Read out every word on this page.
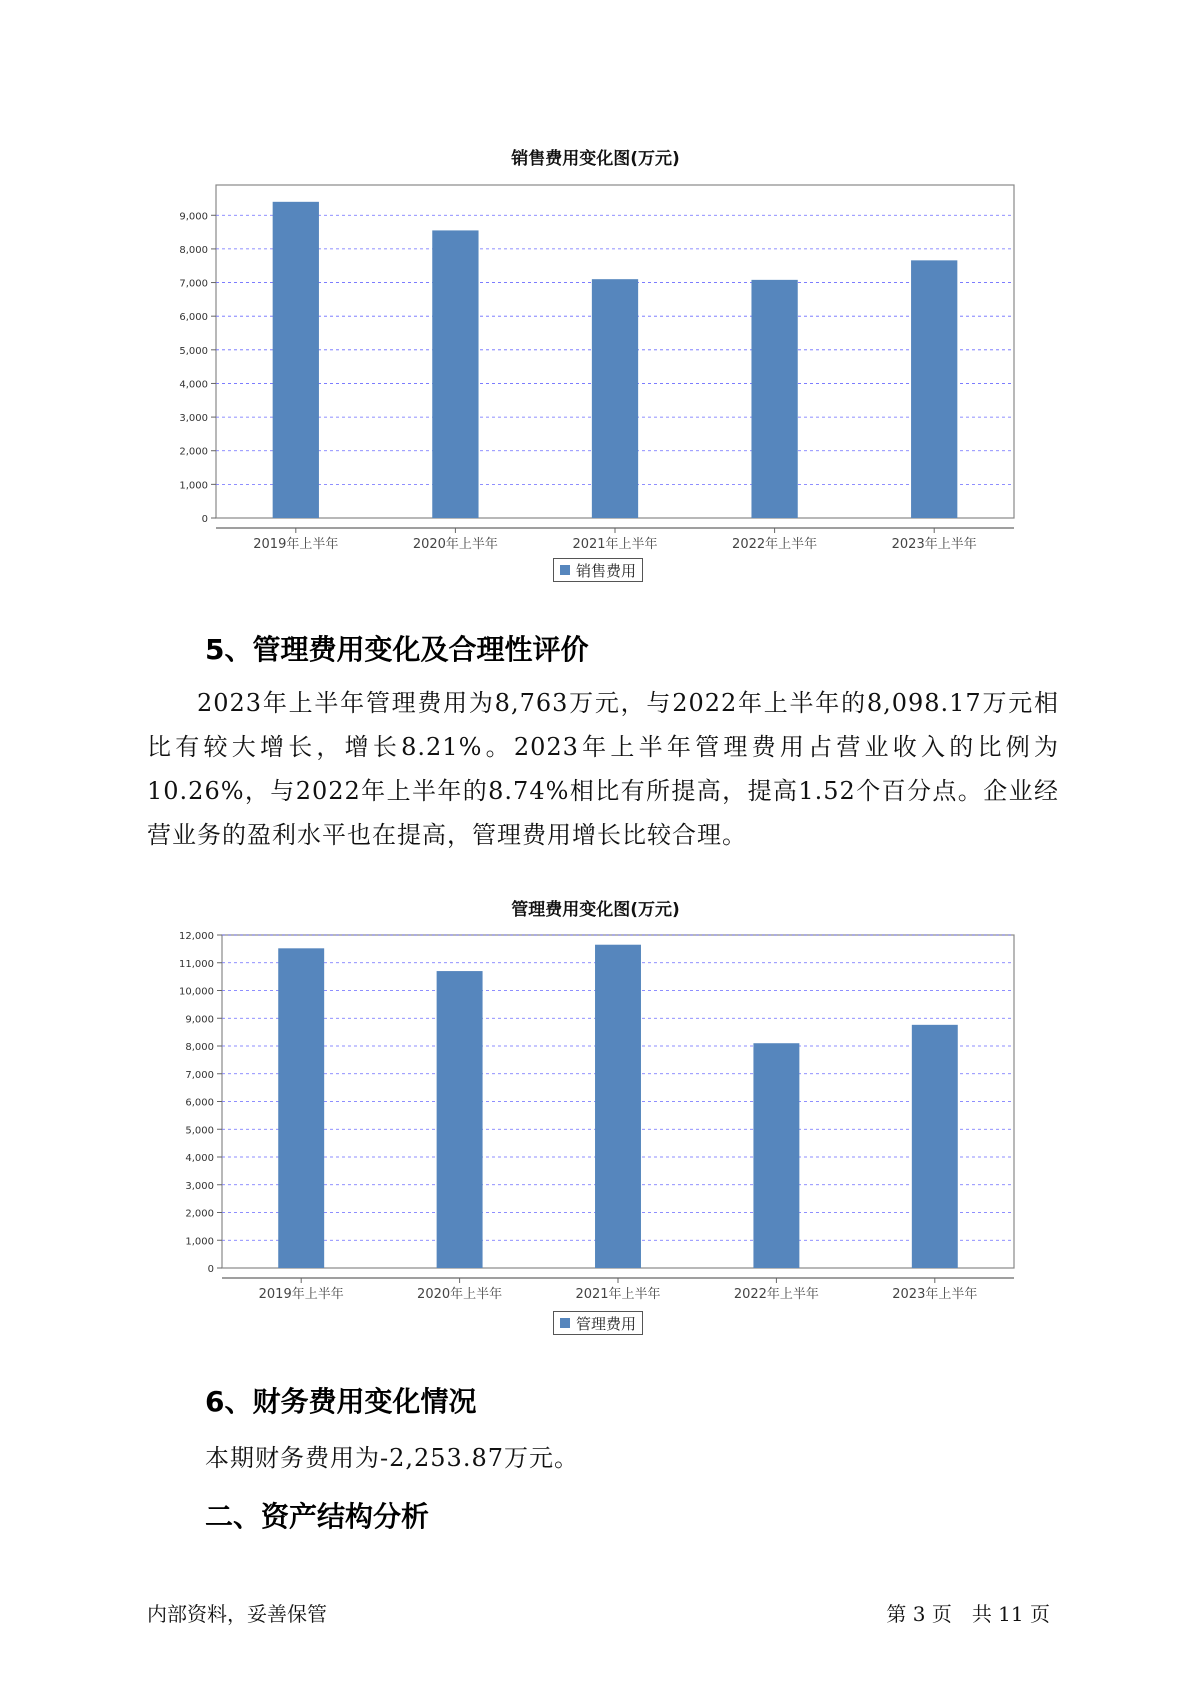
销售费用变化图(万元)
0
1,000
2,000
3,000
4,000
5,000
6,000
7,000
8,000
9,000
2019年上半年	2020年上半年	2021年上半年	2022年上半年	2023年上半年
销售费用
5、管理费用变化及合理性评价

2023年上半年管理费用为8,763万元，与2022年上半年的8,098.17万元相比有较大增长，增长8.21%。2023年上半年管理费用占营业收入的比例为10.26%，与2022年上半年的8.74%相比有所提高，提高1.52个百分点。企业经营业务的盈利水平也在提高，管理费用增长比较合理。

管理费用变化图(万元)
0
1,000
2,000
3,000
4,000
5,000
6,000
7,000
8,000
9,000
10,000
11,000
12,000
2019年上半年	2020年上半年	2021年上半年	2022年上半年	2023年上半年
管理费用
6、财务费用变化情况

本期财务费用为-2,253.87万元。

二、资产结构分析
内部资料，妥善保管	第 3 页　共 11 页
